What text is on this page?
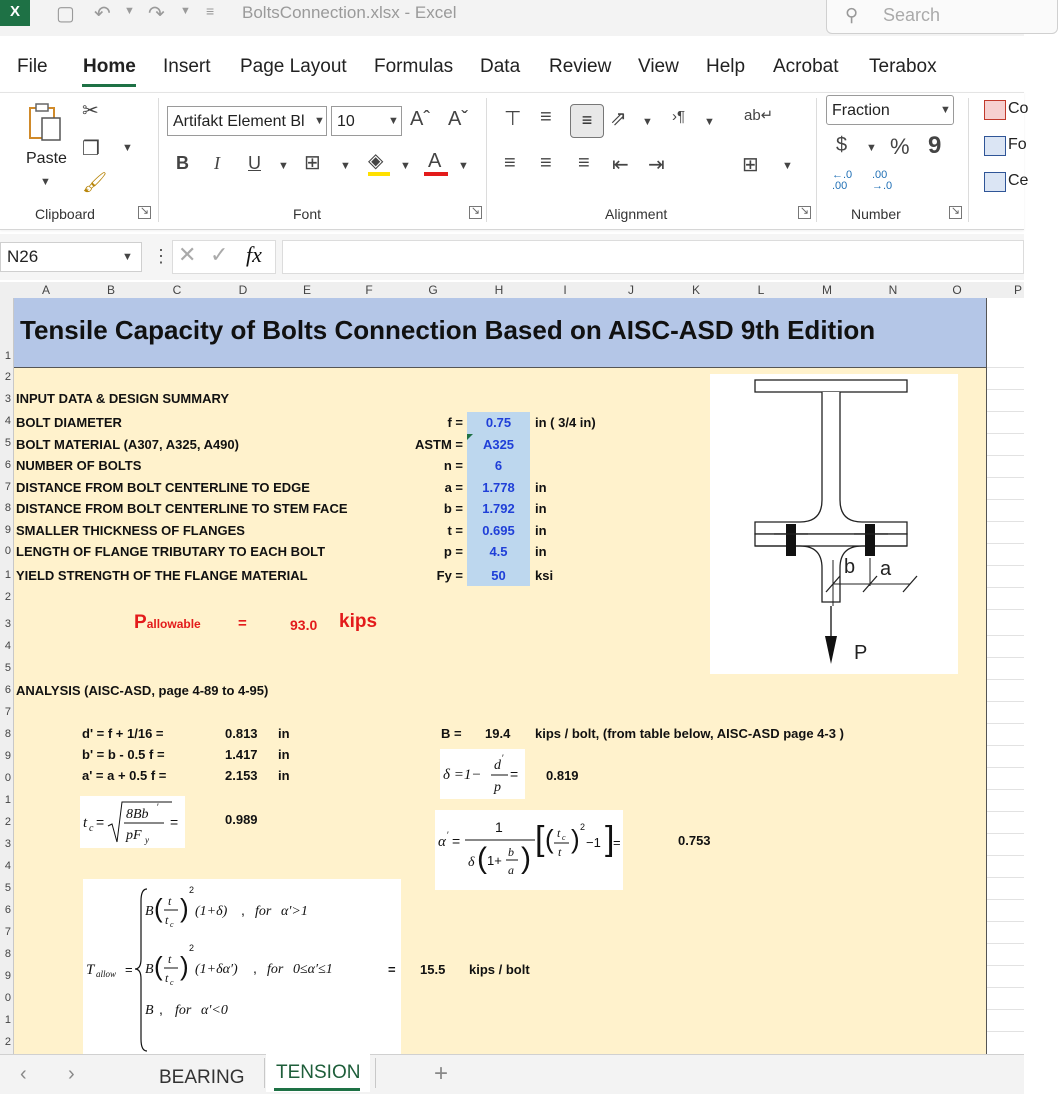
X	▢ ↶ ▼ ↷ ▼ ≡ BoltsConnection.xlsx - Excel	⚲ Search
File Home Insert Page Layout Formulas Data Review View Help Acrobat Terabox
Paste
▼
✂
❐ ▼
🖌
Clipboard	↘
Artifakt Element Bl ▼ 10	▼ Aˆ Aˇ
B I U ▼ ⊞ ▼ ◈ ▼ A ▼
Font	↘
⊤ ≡	≡ ⇗ ▼ ›¶ ▼ ab↵
≡ ≡ ≡ ⇤ ⇥	⊞ ▼
Alignment	↘
Fraction	▼
$ ▼ % 9
←.0
.00
.00
→.0
Number	↘
Co
Fo
Ce
N26	▼ ⋮ ✕ ✓ fx
A	B	C	D	E	F	G	H	I	J	K	L	M	N	O	P
1
2
3
4
5
6
7
8
9
0
1
2
3
4
5
6
7
8
9
0
1
2
3
4
5
6
7
8
9
0
1
2
Tensile Capacity of Bolts Connection Based on AISC-ASD 9th Edition
INPUT DATA & DESIGN SUMMARY
BOLT DIAMETER
BOLT MATERIAL (A307, A325, A490)
NUMBER OF BOLTS
DISTANCE FROM BOLT CENTERLINE TO EDGE
DISTANCE FROM BOLT CENTERLINE TO STEM FACE
SMALLER THICKNESS OF FLANGES
LENGTH OF FLANGE TRIBUTARY TO EACH BOLT
YIELD STRENGTH OF THE FLANGE MATERIAL
f =
ASTM =
n =
a =
b =
t =
p =
Fy =
0.75
A325
6
1.778
1.792
0.695
4.5
50
in ( 3/4 in)
in
in
in
in
ksi
Pallowable =	93.0 kips
ANALYSIS (AISC-ASD, page 4-89 to 4-95)
d' = f + 1/16 =
b' = b - 0.5 f =
a' = a + 0.5 f =
0.813
1.417
2.153
in
in
in
B = 19.4 kips / bolt, (from table below, AISC-ASD page 4-3 )
δ =1−
d ′
p
= 0.819
t c = 8Bb ′
pF y
=	0.989
α ′ =
1
δ ( 1+
b
a )
[ ( t c
t ) 2
−1 ]
=	0.753
T allow =
B ( t
t c
)
2
(1+δ) , for α′>1
B ( t
t c
)
2
(1+δα′) , for 0≤α′≤1
B , for α′<0
= 15.5 kips / bolt
b a
P
‹ ›	BEARING TENSION	+
